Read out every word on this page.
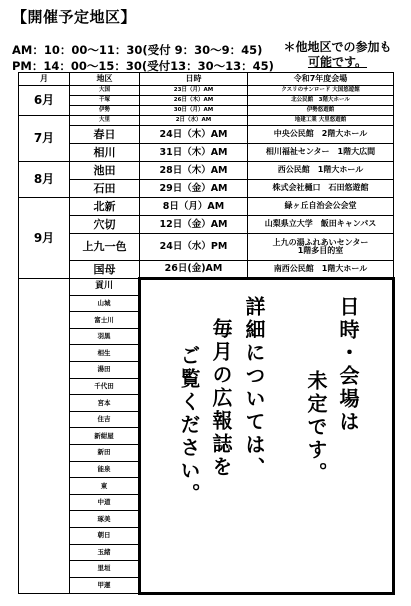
【開催予定地区】
AM：10：00～11：30(受付 9：30～9：45)
PM：14：00～15：30(受付13：30～13：45)
＊他地区での参加も
可能です。
月	地区	日時	令和7年度会場
6月	大国	23日（月）AM	クスリのサンロード 大国悠遊館
	千塚	26日（木）AM	北公民館　3階大ホール
	伊勢	30日（月）AM	伊勢悠遊館
7月	大里	2日（水）AM	地建工業 大里悠遊館
	春日	24日（木）AM	中央公民館　2階大ホール
	相川	31日（木）AM	相川福祉センター　1階大広間
8月	池田	28日（木）AM	西公民館　1階大ホール
	石田	29日（金）AM	株式会社樋口　石田悠遊館
9月	北新	8日（月）AM	緑ヶ丘自治会公会堂
	穴切	12日（金）AM	山梨県立大学　飯田キャンパス
	上九一色	24日（水）PM	上九の湯ふれあいセンター
1階多目的室
	国母	26日(金)AM	南西公民館　1階大ホール
	貢川	日時・会場は
未定です。
詳細については、
毎月の広報誌を
ご覧ください。	

	山城		
	富士川		
	羽黒		
	相生		
	湯田		
	千代田		
	宮本		
	住吉		
	新紺屋		
	新田		
	能泉		
	東		
	中道		
	琢美		
	朝日		
	玉緒		
	里垣		
	甲運		
